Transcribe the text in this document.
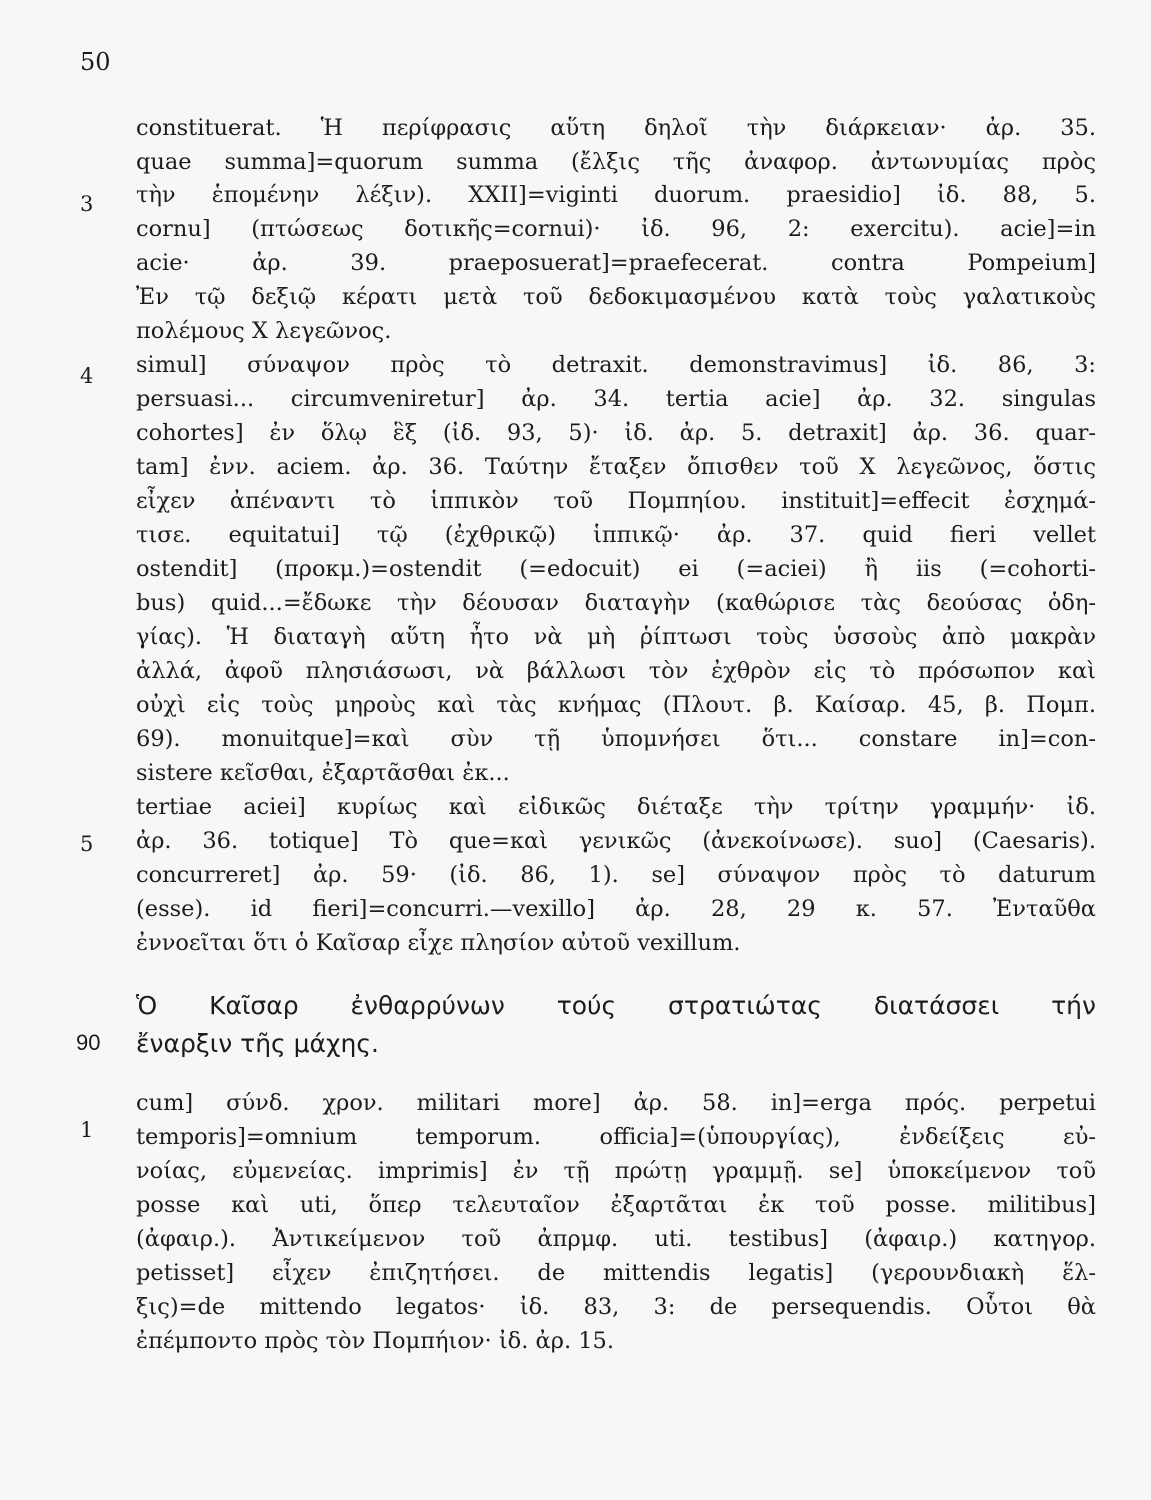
50
3
4
5
90
1
constituerat. Ἡ περίφρασις αὕτη δηλοῖ τὴν διάρκειαν· ἀρ. 35.
quae summa]=quorum summa (ἔλξις τῆς ἀναφορ. ἀντωνυμίας πρὸς
τὴν ἑπομένην λέξιν). XXII]=viginti duorum. praesidio] ἰδ. 88, 5.
cornu] (πτώσεως δοτικῆς=cornui)· ἰδ. 96, 2: exercitu). acie]=in
acie· ἀρ. 39. praeposuerat]=praefecerat. contra Pompeium]
Ἐν τῷ δεξιῷ κέρατι μετὰ τοῦ δεδοκιμασμένου κατὰ τοὺς γαλατικοὺς
πολέμους X λεγεῶνος.
simul] σύναψον πρὸς τὸ detraxit. demonstravimus] ἰδ. 86, 3:
persuasi... circumveniretur] ἀρ. 34. tertia acie] ἀρ. 32. singulas
cohortes] ἐν ὅλῳ ἓξ (ἰδ. 93, 5)· ἰδ. ἀρ. 5. detraxit] ἀρ. 36. quar-
tam] ἐνν. aciem. ἀρ. 36. Ταύτην ἔταξεν ὄπισθεν τοῦ X λεγεῶνος, ὅστις
εἶχεν ἀπέναντι τὸ ἱππικὸν τοῦ Πομπηίου. instituit]=effecit ἐσχημά-
τισε. equitatui] τῷ (ἐχθρικῷ) ἱππικῷ· ἀρ. 37. quid fieri vellet
ostendit] (προκμ.)=ostendit (=edocuit) ei (=aciei) ἢ iis (=cohorti-
bus) quid...=ἔδωκε τὴν δέουσαν διαταγὴν (καθώρισε τὰς δεούσας ὁδη-
γίας). Ἡ διαταγὴ αὕτη ἦτο νὰ μὴ ῥίπτωσι τοὺς ὑσσοὺς ἀπὸ μακρὰν
ἀλλά, ἀφοῦ πλησιάσωσι, νὰ βάλλωσι τὸν ἐχθρὸν εἰς τὸ πρόσωπον καὶ
οὐχὶ εἰς τοὺς μηροὺς καὶ τὰς κνήμας (Πλουτ. β. Καίσαρ. 45, β. Πομπ.
69). monuitque]=καὶ σὺν τῇ ὑπομνήσει ὅτι... constare in]=con-
sistere κεῖσθαι, ἐξαρτᾶσθαι ἐκ...
tertiae aciei] κυρίως καὶ εἰδικῶς διέταξε τὴν τρίτην γραμμήν· ἰδ.
ἀρ. 36. totique] Τὸ que=καὶ γενικῶς (ἀνεκοίνωσε). suo] (Caesaris).
concurreret] ἀρ. 59· (ἰδ. 86, 1). se] σύναψον πρὸς τὸ daturum
(esse). id fieri]=concurri.—vexillo] ἀρ. 28, 29 κ. 57. Ἐνταῦθα
ἐννοεῖται ὅτι ὁ Καῖσαρ εἶχε πλησίον αὐτοῦ vexillum.
Ὁ Καῖσαρ ἐνθαρρύνων τούς στρατιώτας διατάσσει τήν
ἔναρξιν τῆς μάχης.
cum] σύνδ. χρον. militari more] ἀρ. 58. in]=erga πρός. perpetui
temporis]=omnium temporum. officia]=(ὑπουργίας), ἐνδείξεις εὐ-
νοίας, εὐμενείας. imprimis] ἐν τῇ πρώτῃ γραμμῇ. se] ὑποκείμενον τοῦ
posse καὶ uti, ὅπερ τελευταῖον ἐξαρτᾶται ἐκ τοῦ posse. militibus]
(ἀφαιρ.). Ἀντικείμενον τοῦ ἀπρμφ. uti. testibus] (ἀφαιρ.) κατηγορ.
petisset] εἶχεν ἐπιζητήσει. de mittendis legatis] (γερουνδιακὴ ἕλ-
ξις)=de mittendo legatos· ἰδ. 83, 3: de persequendis. Οὗτοι θὰ
ἐπέμποντο πρὸς τὸν Πομπήιον· ἰδ. ἀρ. 15.
